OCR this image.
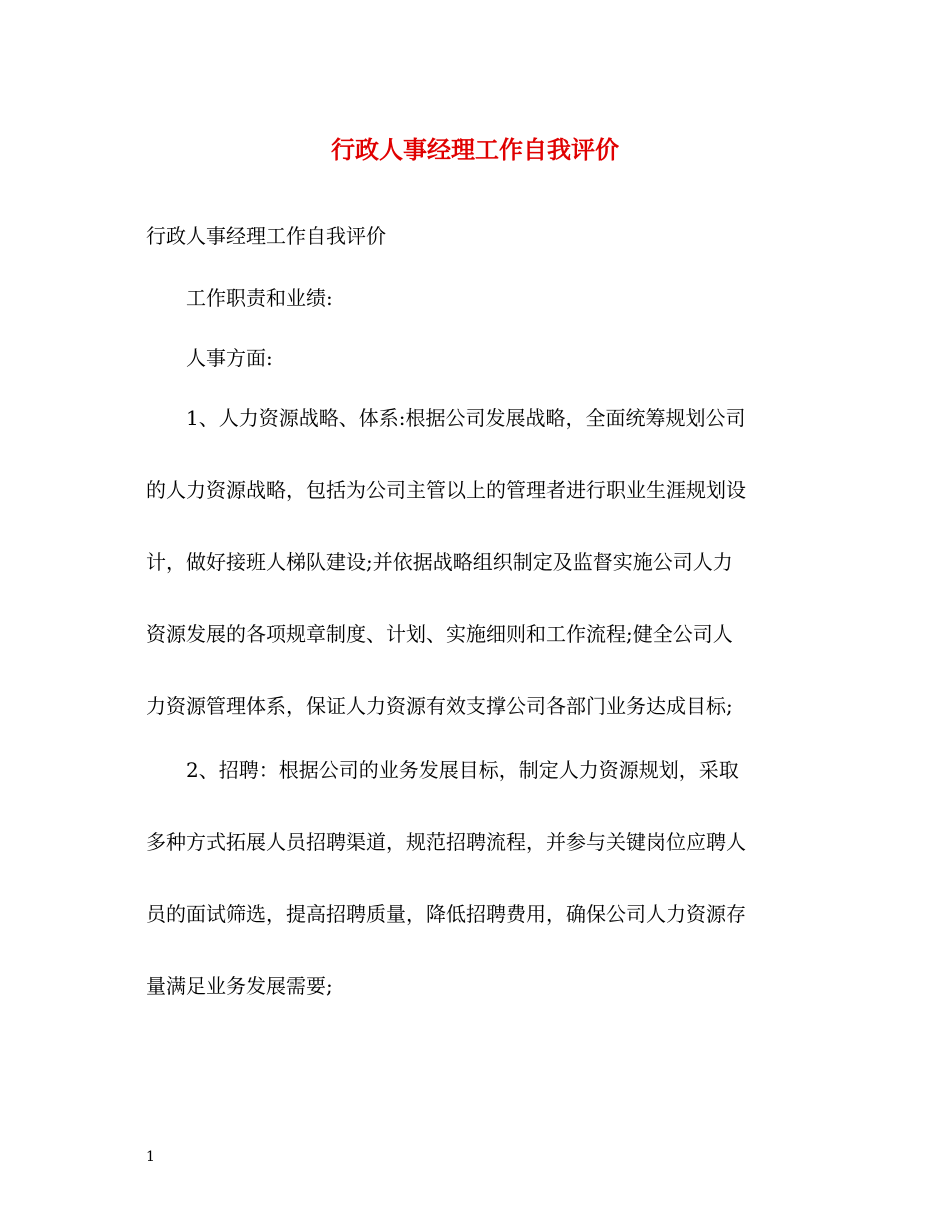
行政人事经理工作自我评价

行政人事经理工作自我评价

工作职责和业绩:

人事方面:

1、人力资源战略、体系:根据公司发展战略，全面统筹规划公司

的人力资源战略，包括为公司主管以上的管理者进行职业生涯规划设

计，做好接班人梯队建设;并依据战略组织制定及监督实施公司人力

资源发展的各项规章制度、计划、实施细则和工作流程;健全公司人

力资源管理体系，保证人力资源有效支撑公司各部门业务达成目标;

2、招聘：根据公司的业务发展目标，制定人力资源规划，采取

多种方式拓展人员招聘渠道，规范招聘流程，并参与关键岗位应聘人

员的面试筛选，提高招聘质量，降低招聘费用，确保公司人力资源存

量满足业务发展需要;

1
